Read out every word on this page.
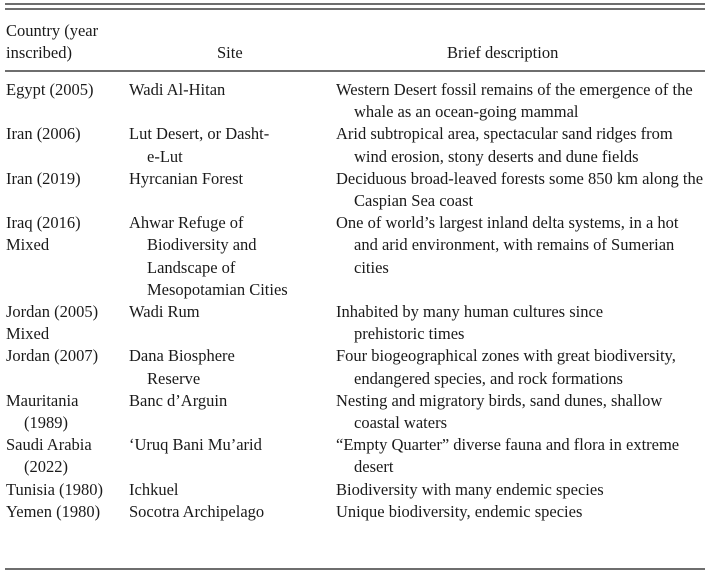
Country (year
inscribed)	Site	Brief description

Egypt (2005)	Wadi Al-Hitan	Western Desert fossil remains of the emergence of the whale as an ocean-going mammal

Iran (2006)	Lut Desert, or Dasht-e-Lut	Arid subtropical area, spectacular sand ridges from wind erosion, stony deserts and dune fields

Iran (2019)	Hyrcanian Forest	Deciduous broad-leaved forests some 850 km along the Caspian Sea coast

Iraq (2016)
Mixed	Ahwar Refuge of Biodiversity and Landscape of Mesopotamian Cities	One of world’s largest inland delta systems, in a hot and arid environment, with remains of Sumerian cities

Jordan (2005)
Mixed	Wadi Rum	Inhabited by many human cultures since prehistoric times

Jordan (2007)	Dana Biosphere Reserve	Four biogeographical zones with great biodiversity, endangered species, and rock formations

Mauritania (1989)	Banc d’Arguin	Nesting and migratory birds, sand dunes, shallow coastal waters

Saudi Arabia (2022)	‘Uruq Bani Mu’arid	“Empty Quarter” diverse fauna and flora in extreme desert

Tunisia (1980)	Ichkuel	Biodiversity with many endemic species

Yemen (1980)	Socotra Archipelago	Unique biodiversity, endemic species
